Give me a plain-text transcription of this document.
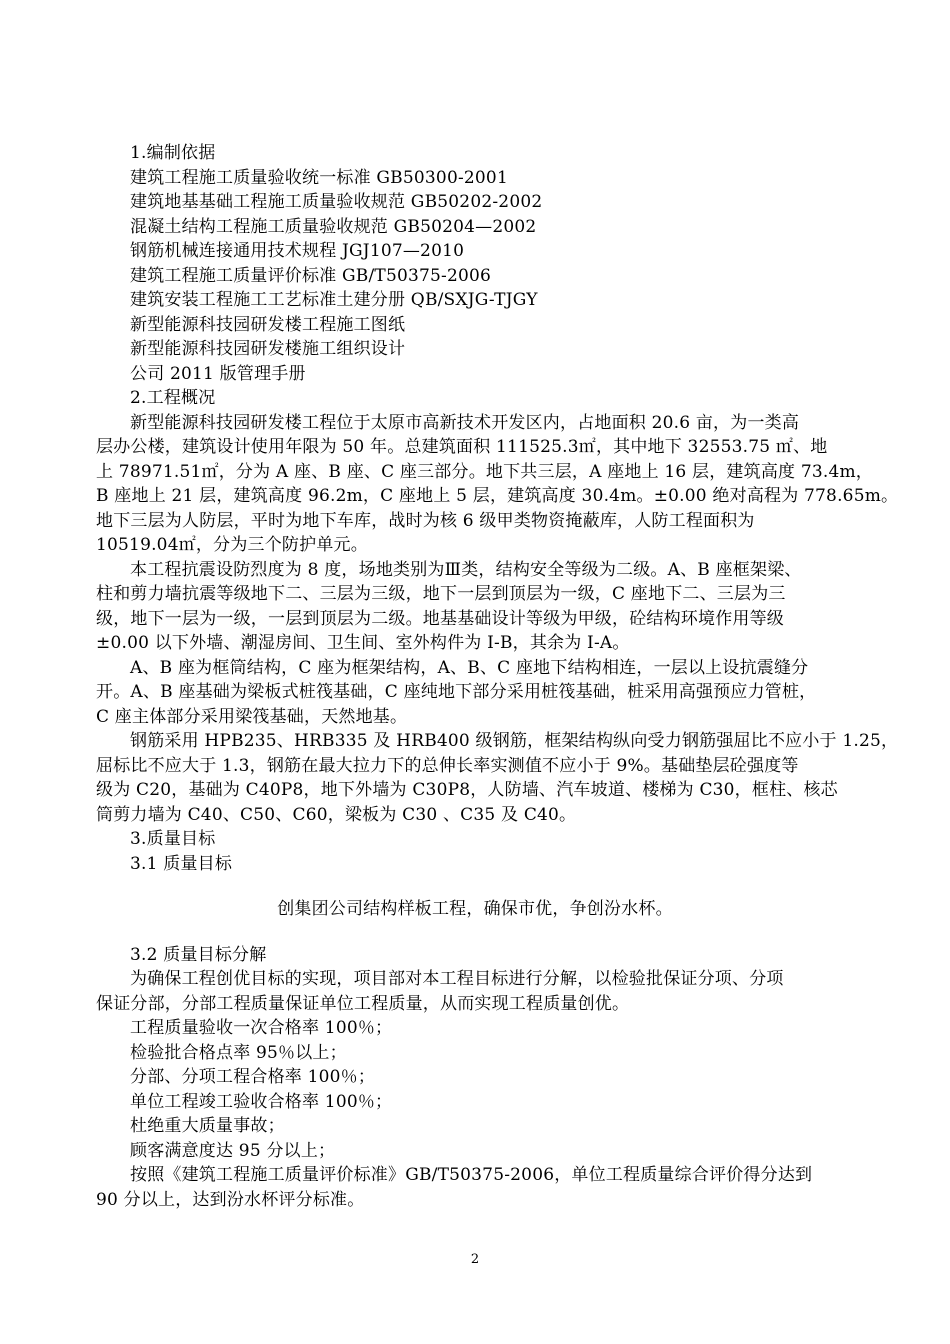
1.编制依据
建筑工程施工质量验收统一标准 GB50300-2001
建筑地基基础工程施工质量验收规范 GB50202-2002
混凝土结构工程施工质量验收规范 GB50204—2002
钢筋机械连接通用技术规程 JGJ107—2010
建筑工程施工质量评价标准 GB/T50375-2006
建筑安装工程施工工艺标准土建分册 QB/SXJG-TJGY
新型能源科技园研发楼工程施工图纸
新型能源科技园研发楼施工组织设计
公司 2011 版管理手册
2.工程概况
新型能源科技园研发楼工程位于太原市高新技术开发区内，占地面积 20.6 亩，为一类高
层办公楼，建筑设计使用年限为 50 年。总建筑面积 111525.3㎡，其中地下 32553.75 ㎡、地
上 78971.51㎡，分为 A 座、B 座、C 座三部分。地下共三层，A 座地上 16 层，建筑高度 73.4m，
B 座地上 21 层，建筑高度 96.2m，C 座地上 5 层，建筑高度 30.4m。±0.00 绝对高程为 778.65m。
地下三层为人防层，平时为地下车库，战时为核 6 级甲类物资掩蔽库，人防工程面积为
10519.04㎡，分为三个防护单元。
本工程抗震设防烈度为 8 度，场地类别为Ⅲ类，结构安全等级为二级。A、B 座框架梁、
柱和剪力墙抗震等级地下二、三层为三级，地下一层到顶层为一级，C 座地下二、三层为三
级，地下一层为一级，一层到顶层为二级。地基基础设计等级为甲级，砼结构环境作用等级
±0.00 以下外墙、潮湿房间、卫生间、室外构件为 I-B，其余为 I-A。
A、B 座为框筒结构，C 座为框架结构，A、B、C 座地下结构相连，一层以上设抗震缝分
开。A、B 座基础为梁板式桩筏基础，C 座纯地下部分采用桩筏基础，桩采用高强预应力管桩，
C 座主体部分采用梁筏基础，天然地基。
钢筋采用 HPB235、HRB335 及 HRB400 级钢筋，框架结构纵向受力钢筋强屈比不应小于 1.25，
屈标比不应大于 1.3，钢筋在最大拉力下的总伸长率实测值不应小于 9%。基础垫层砼强度等
级为 C20，基础为 C40P8，地下外墙为 C30P8，人防墙、汽车坡道、楼梯为 C30，框柱、核芯
筒剪力墙为 C40、C50、C60，梁板为 C30 、C35 及 C40。
3.质量目标
3.1 质量目标
创集团公司结构样板工程，确保市优，争创汾水杯。
3.2 质量目标分解
为确保工程创优目标的实现，项目部对本工程目标进行分解，以检验批保证分项、分项
保证分部，分部工程质量保证单位工程质量，从而实现工程质量创优。
工程质量验收一次合格率 100％；
检验批合格点率 95％以上；
分部、分项工程合格率 100％；
单位工程竣工验收合格率 100％；
杜绝重大质量事故；
顾客满意度达 95 分以上；
按照《建筑工程施工质量评价标准》GB/T50375-2006，单位工程质量综合评价得分达到
90 分以上，达到汾水杯评分标准。
2
